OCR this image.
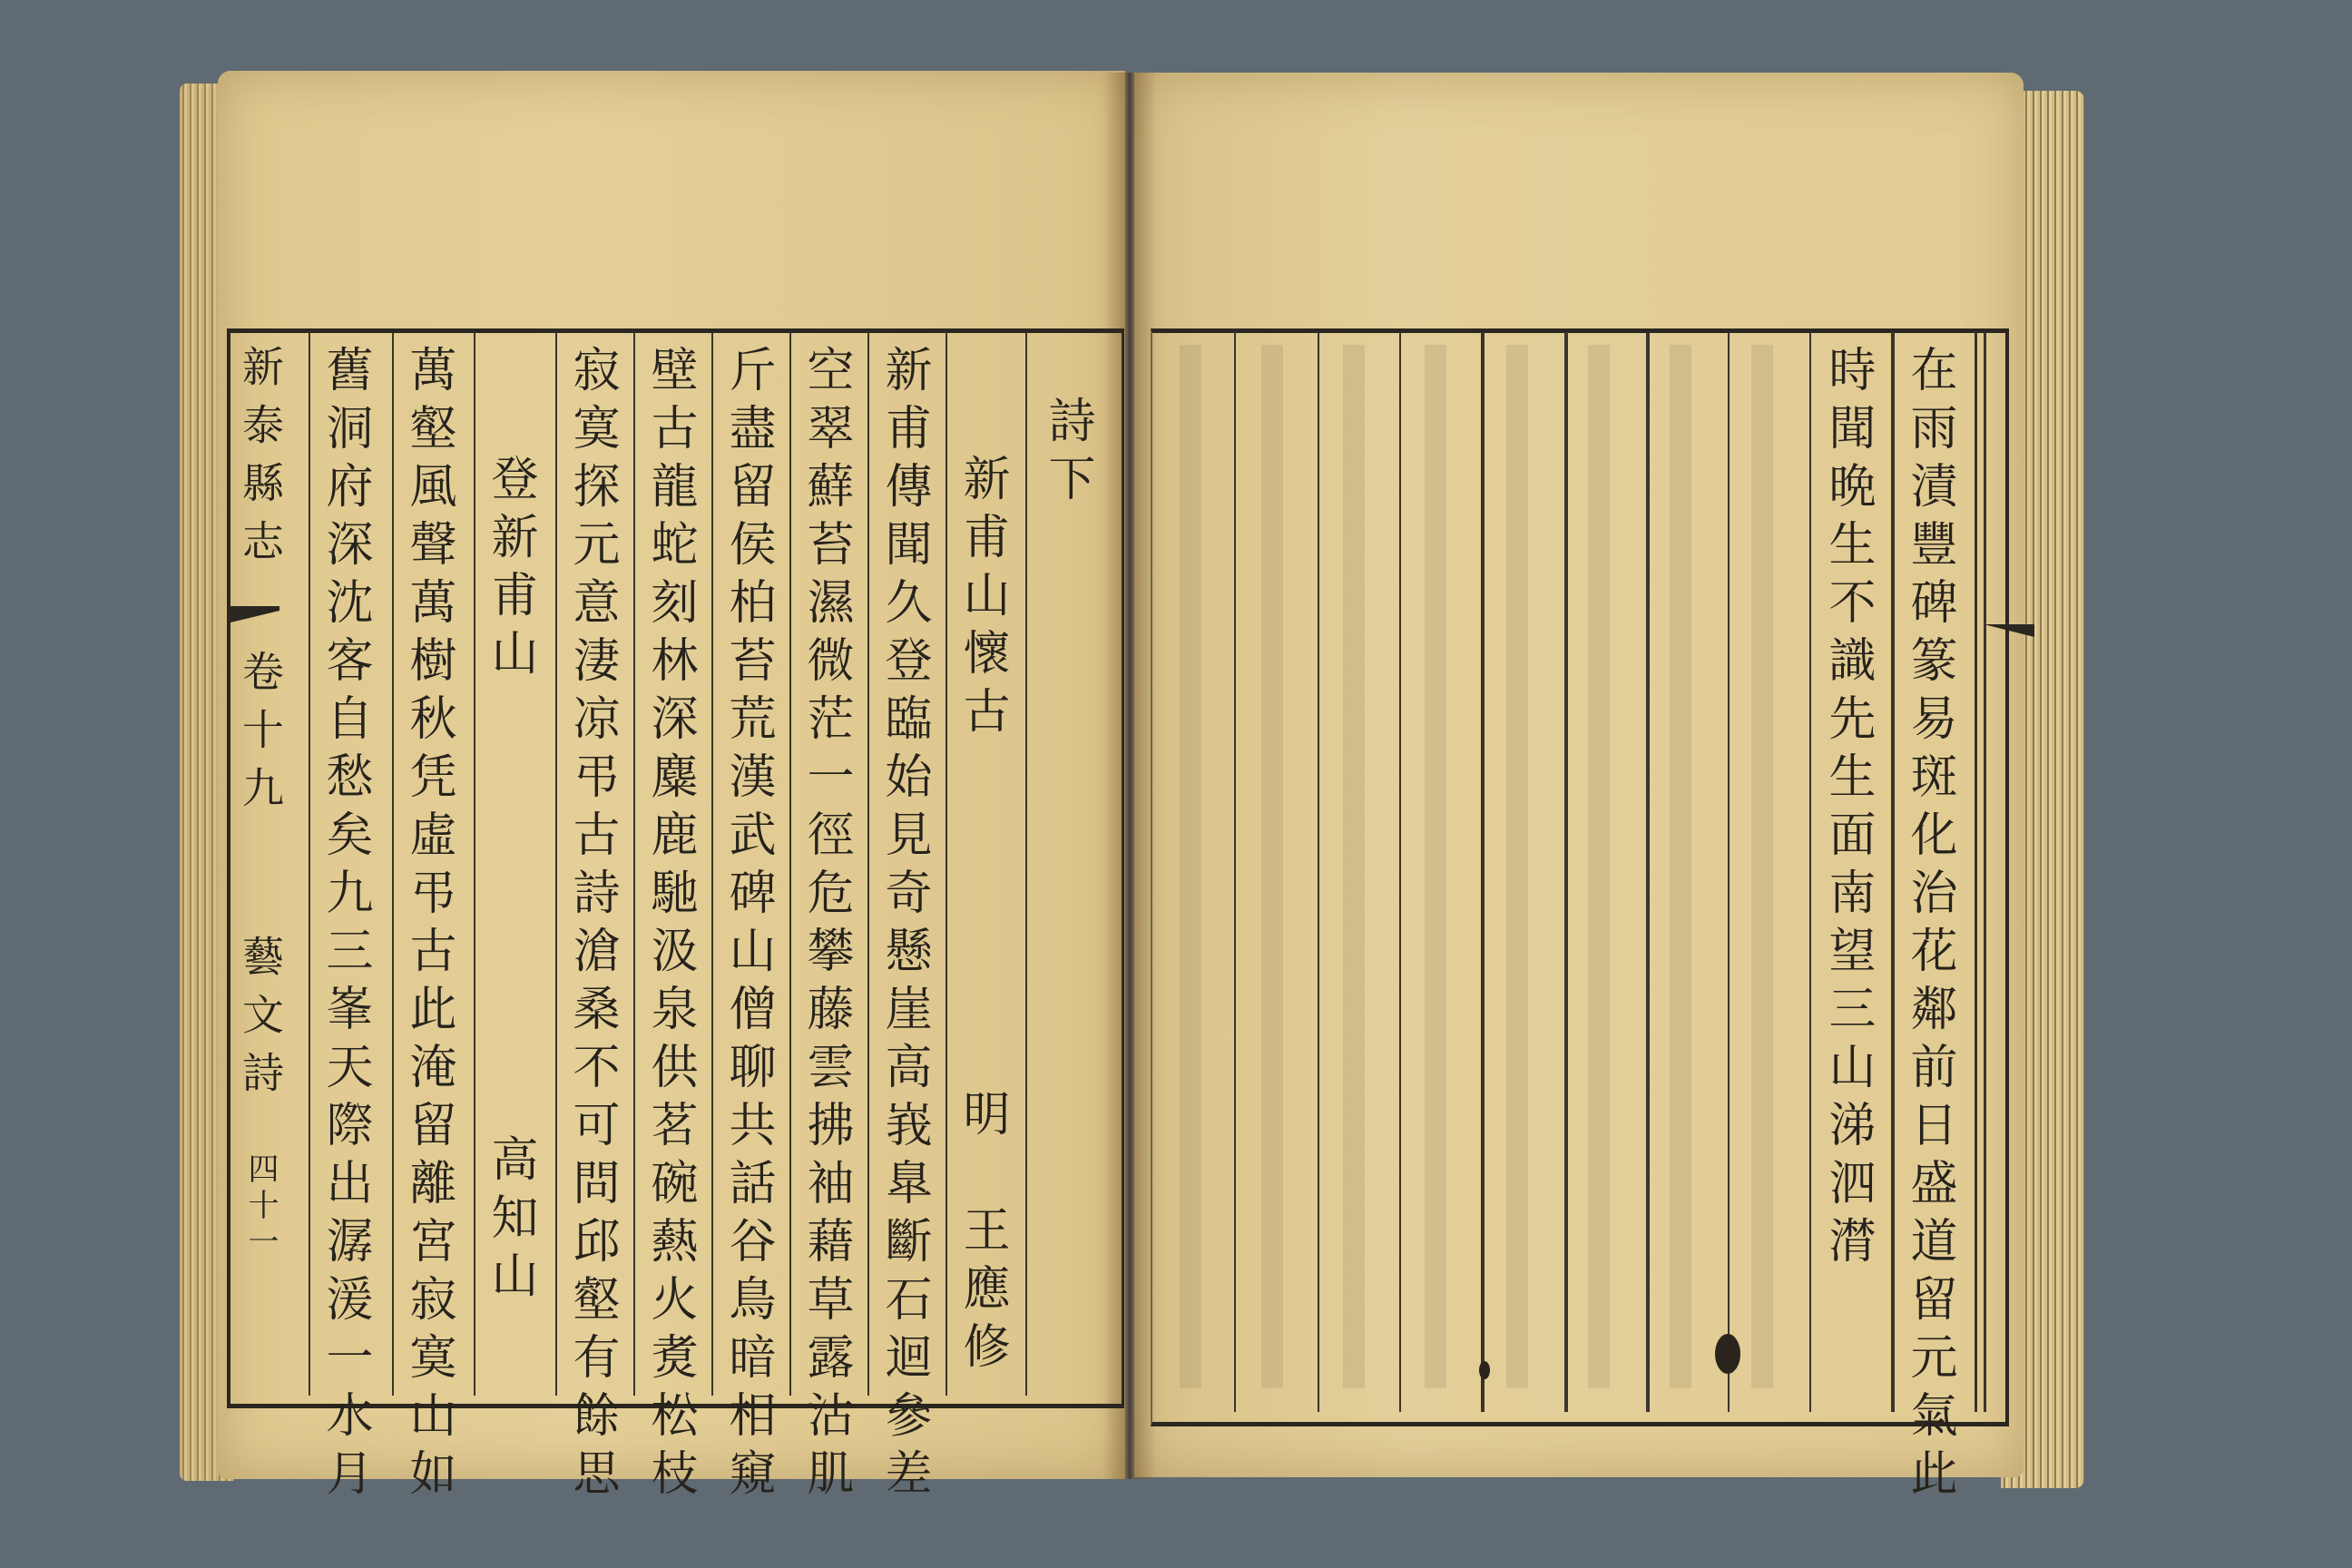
新泰縣志
卷十九
藝文詩
四十一 舊洞府深沈客自愁矣九三峯天際出潺湲一水月 萬壑風聲萬樹秋凭虛弔古此淹留離宮寂寞山如 登新甫山
高知山 寂寞探元意淒凉弔古詩滄桑不可問邱壑有餘思 壁古龍蛇刻林深麋鹿馳汲泉供茗碗爇火煑松枝 斤盡留侯柏苔荒漢武碑山僧聊共話谷鳥暗相窺 空翠蘚苔濕微茫一徑危攀藤雲拂袖藉草露沾肌 新甫傳聞久登臨始見奇懸崖高峩臯斷石迴參差 新甫山懷古
明　王應修
詩下	時聞晩生不識先生面南望三山涕泗潸 在雨漬豐碑篆易斑化治花鄰前日盛道留元氣此
